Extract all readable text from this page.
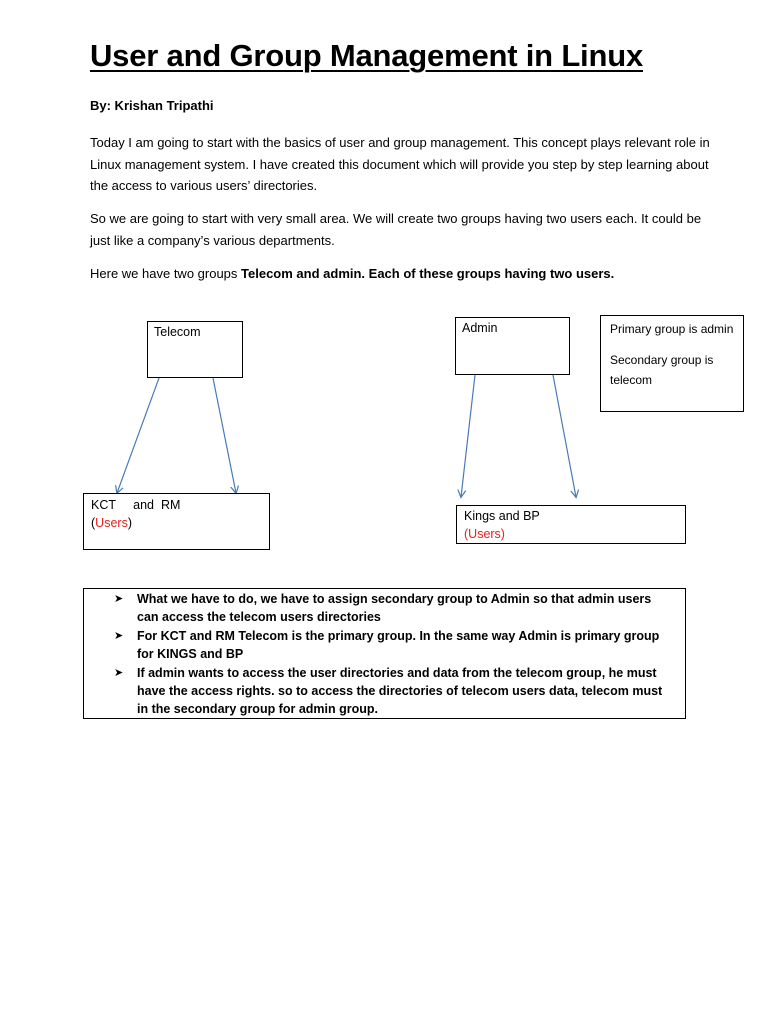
User and Group Management in Linux
By: Krishan Tripathi
Today I am going to start with the basics of user and group management. This concept plays relevant role in Linux management system. I have created this document which will provide you step by step learning about the access to various users’ directories.
So we are going to start with very small area. We will create two groups having two users each. It could be just like a company’s various departments.
Here we have two groups Telecom and admin. Each of these groups having two users.
Telecom	Admin	Primary group is admin
Secondary group is telecom
KCT     and  RM
(Users)	Kings and BP
(Users)
➤ What we have to do, we have to assign secondary group to Admin so that admin users can access the telecom users directories
➤ For KCT and RM Telecom is the primary group. In the same way Admin is primary group for KINGS and BP
➤ If admin wants to access the user directories and data from the telecom group, he must have the access rights. so to access the directories of telecom users data, telecom must in the secondary group for admin group.
